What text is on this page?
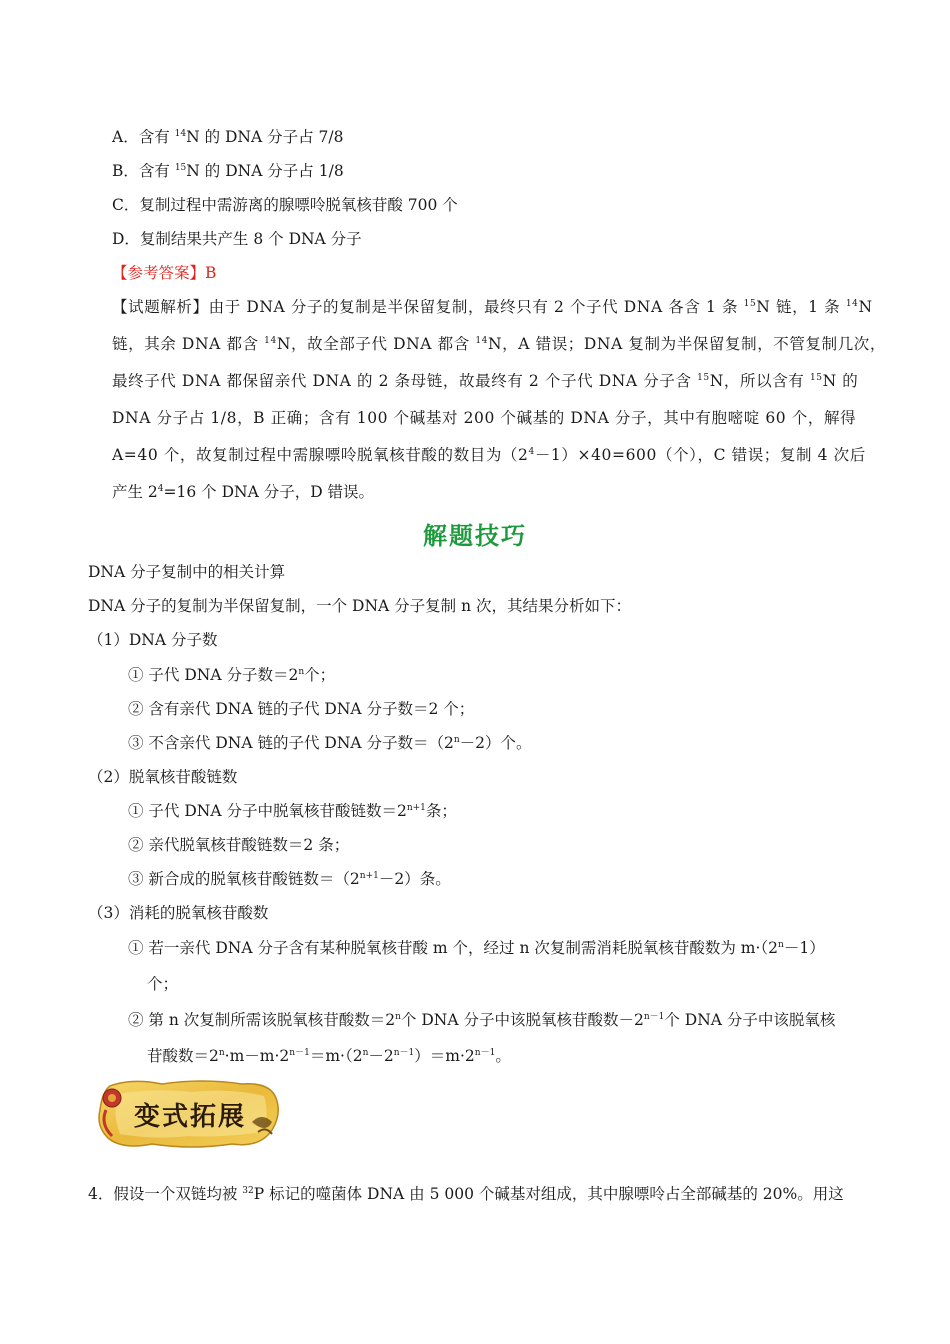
A．含有 $^{14}$N 的 DNA 分子占 7/8
B．含有 $^{15}$N 的 DNA 分子占 1/8
C．复制过程中需游离的腺嘌呤脱氧核苷酸 700 个
D．复制结果共产生 8 个 DNA 分子
【参考答案】B
【试题解析】由于 DNA 分子的复制是半保留复制，最终只有 2 个子代 DNA 各含 1 条 $^{15}$N 链，1 条 $^{14}$N
链，其余 DNA 都含 $^{14}$N，故全部子代 DNA 都含 $^{14}$N，A 错误；DNA 复制为半保留复制，不管复制几次，
最终子代 DNA 都保留亲代 DNA 的 2 条母链，故最终有 2 个子代 DNA 分子含 $^{15}$N，所以含有 $^{15}$N 的
DNA 分子占 1/8，B 正确；含有 100 个碱基对 200 个碱基的 DNA 分子，其中有胞嘧啶 60 个，解得
A=40 个，故复制过程中需腺嘌呤脱氧核苷酸的数目为$(2^4-1)\times 40=600$（个），C 错误；复制 4 次后
产生 $2^4=16$ 个 DNA 分子，D 错误。
解题技巧
DNA 分子复制中的相关计算
DNA 分子的复制为半保留复制，一个 DNA 分子复制 n 次，其结果分析如下：
（1）DNA 分子数
① 子代 DNA 分子数$=2^n$个；
② 含有亲代 DNA 链的子代 DNA 分子数＝2 个；
③ 不含亲代 DNA 链的子代 DNA 分子数$=(2^n-2)$个。
（2）脱氧核苷酸链数
① 子代 DNA 分子中脱氧核苷酸链数$=2^{n+1}$条；
② 亲代脱氧核苷酸链数＝2 条；
③ 新合成的脱氧核苷酸链数$=(2^{n+1}-2)$条。
（3）消耗的脱氧核苷酸数
① 若一亲代 DNA 分子含有某种脱氧核苷酸 m 个，经过 n 次复制需消耗脱氧核苷酸数为 $m\cdot(2^n-1)$
个；
② 第 n 次复制所需该脱氧核苷酸数$=2^n$个 DNA 分子中该脱氧核苷酸数$-2^{n-1}$个 DNA 分子中该脱氧核
苷酸数$=2^n\cdot m-m\cdot 2^{n-1}=m\cdot(2^n-2^{n-1})=m\cdot 2^{n-1}$。
变式拓展
4．假设一个双链均被 $^{32}$P 标记的噬菌体 DNA 由 5 000 个碱基对组成，其中腺嘌呤占全部碱基的 20%。用这
